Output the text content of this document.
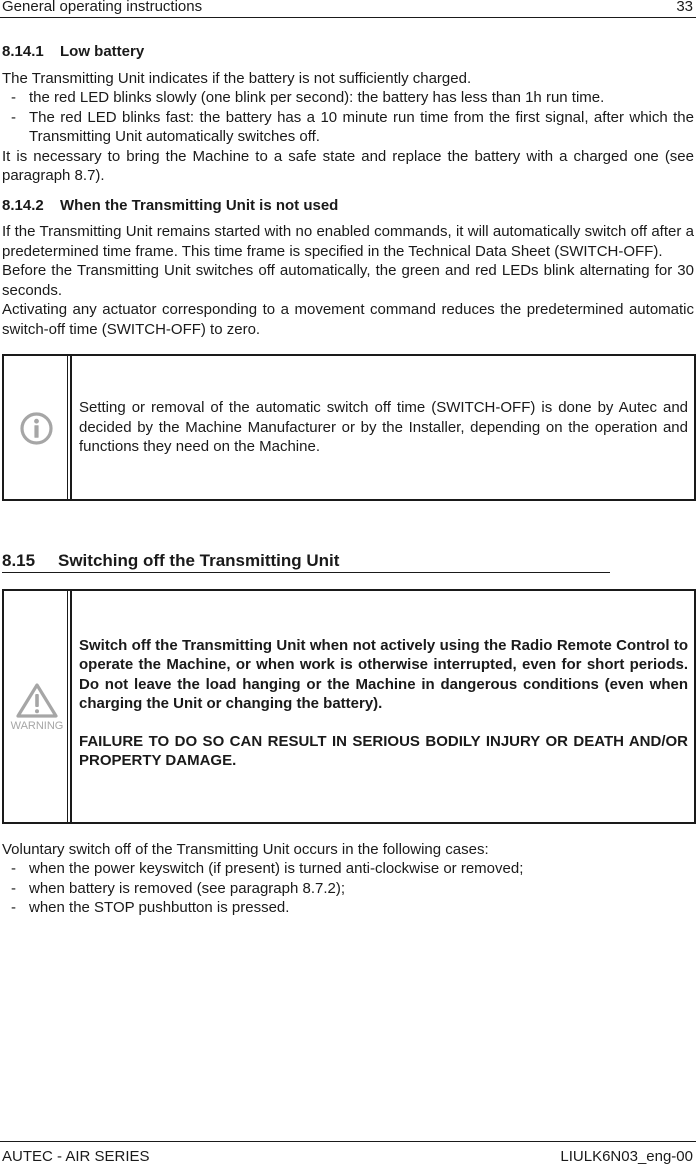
General operating instructions	33
8.14.1 Low battery

The Transmitting Unit indicates if the battery is not sufficiently charged.

- the red LED blinks slowly (one blink per second): the battery has less than 1h run time.
- The red LED blinks fast: the battery has a 10 minute run time from the first signal, after which the Transmitting Unit automatically switches off.

It is necessary to bring the Machine to a safe state and replace the battery with a charged one (see paragraph 8.7).

8.14.2 When the Transmitting Unit is not used

If the Transmitting Unit remains started with no enabled commands, it will automatically switch off after a predetermined time frame. This time frame is specified in the Technical Data Sheet (SWITCH-OFF).

Before the Transmitting Unit switches off automatically, the green and red LEDs blink alternating for 30 seconds.

Activating any actuator corresponding to a movement command reduces the predetermined automatic switch-off time (SWITCH-OFF) to zero.

Setting or removal of the automatic switch off time (SWITCH-OFF) is done by Autec and decided by the Machine Manufacturer or by the Installer, depending on the operation and functions they need on the Machine.

8.15 Switching off the Transmitting Unit
WARNING

Switch off the Transmitting Unit when not actively using the Radio Remote Control to operate the Machine, or when work is otherwise interrupted, even for short periods. Do not leave the load hanging or the Machine in dangerous conditions (even when charging the Unit or changing the battery).

FAILURE TO DO SO CAN RESULT IN SERIOUS BODILY INJURY OR DEATH AND/OR PROPERTY DAMAGE.

Voluntary switch off of the Transmitting Unit occurs in the following cases:

- when the power keyswitch (if present) is turned anti-clockwise or removed;
- when battery is removed (see paragraph 8.7.2);
- when the STOP pushbutton is pressed.
AUTEC - AIR SERIES	LIULK6N03_eng-00
